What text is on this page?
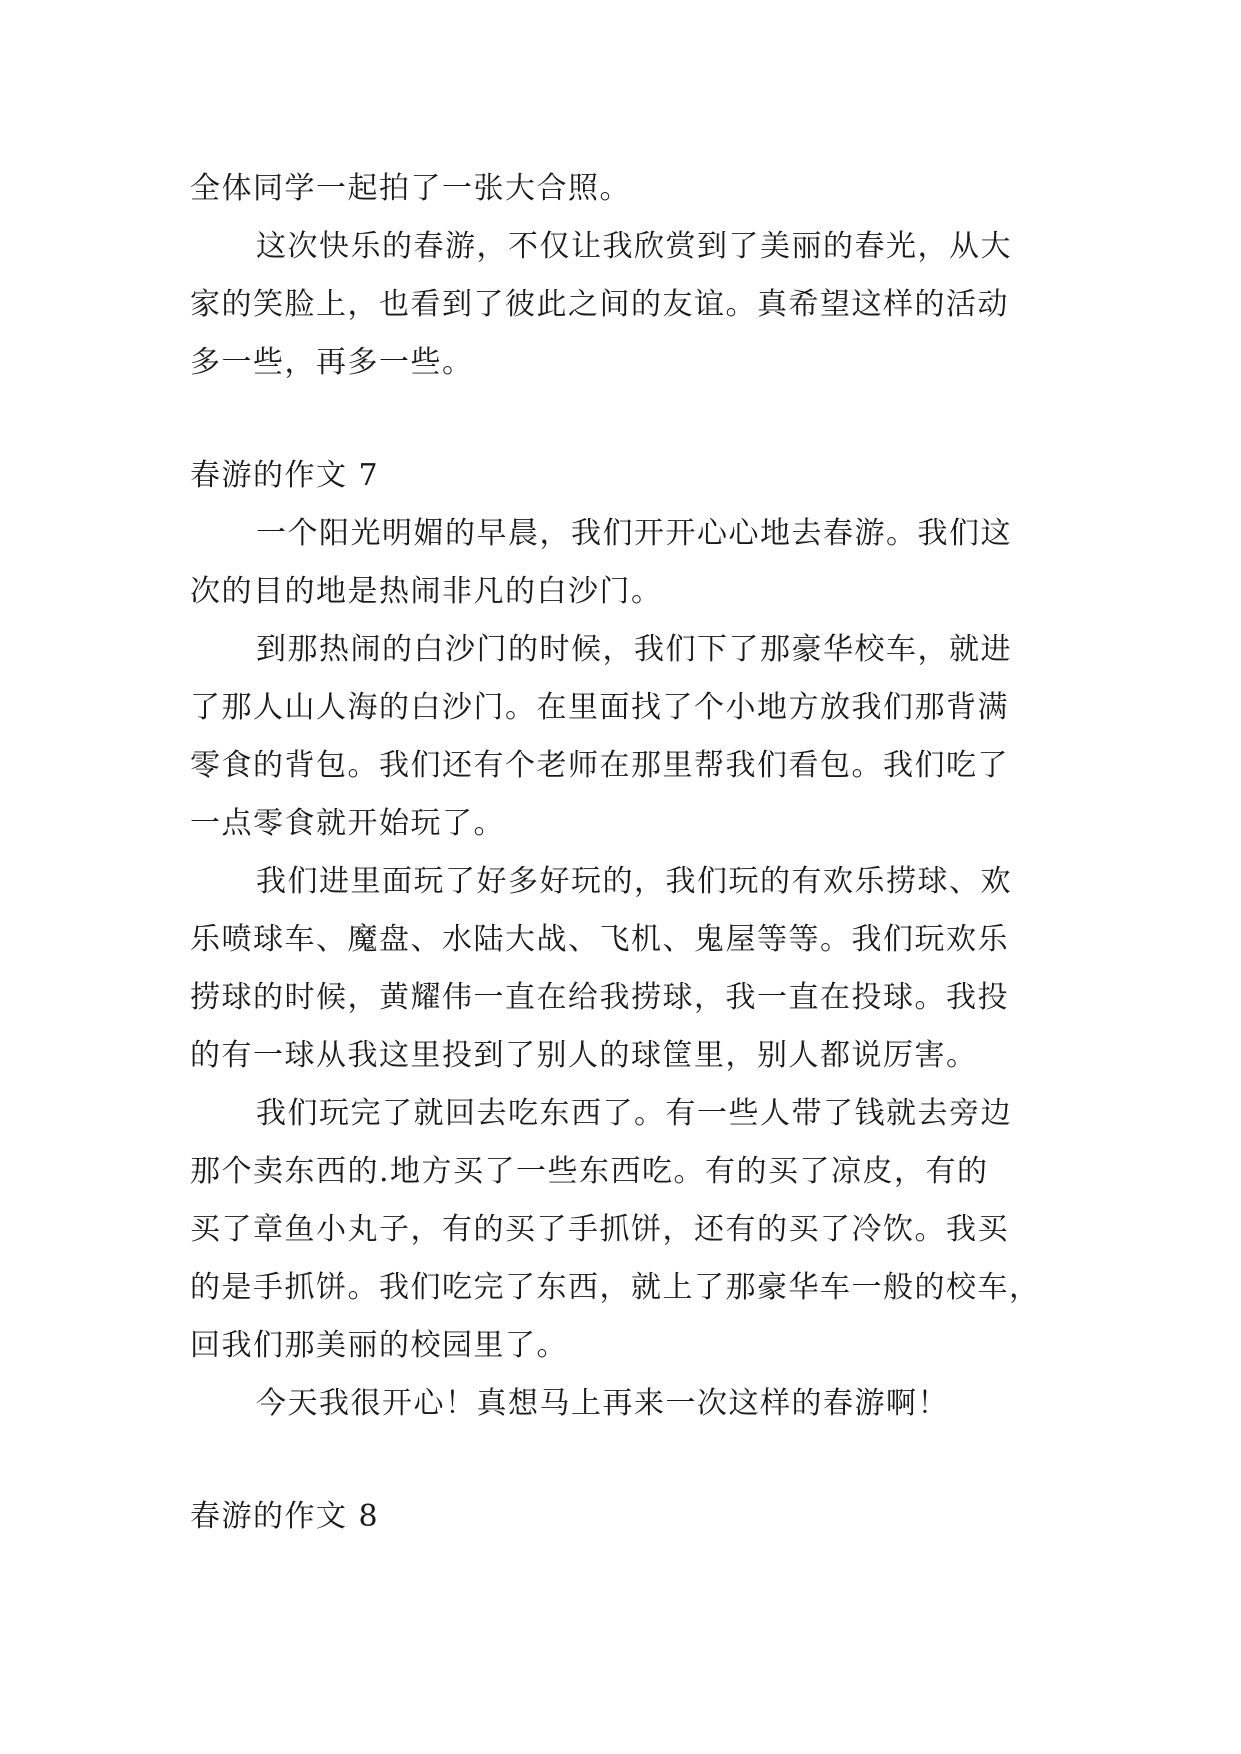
全体同学一起拍了一张大合照。
这次快乐的春游，不仅让我欣赏到了美丽的春光，从大
家的笑脸上，也看到了彼此之间的友谊。真希望这样的活动
多一些，再多一些。
春游的作文 7
一个阳光明媚的早晨，我们开开心心地去春游。我们这
次的目的地是热闹非凡的白沙门。
到那热闹的白沙门的时候，我们下了那豪华校车，就进
了那人山人海的白沙门。在里面找了个小地方放我们那背满
零食的背包。我们还有个老师在那里帮我们看包。我们吃了
一点零食就开始玩了。
我们进里面玩了好多好玩的，我们玩的有欢乐捞球、欢
乐喷球车、魔盘、水陆大战、飞机、鬼屋等等。我们玩欢乐
捞球的时候，黄耀伟一直在给我捞球，我一直在投球。我投
的有一球从我这里投到了别人的球筐里，别人都说厉害。
我们玩完了就回去吃东西了。有一些人带了钱就去旁边
那个卖东西的.地方买了一些东西吃。有的买了凉皮，有的
买了章鱼小丸子，有的买了手抓饼，还有的买了冷饮。我买
的是手抓饼。我们吃完了东西，就上了那豪华车一般的校车，
回我们那美丽的校园里了。
今天我很开心！真想马上再来一次这样的春游啊！
春游的作文 8
